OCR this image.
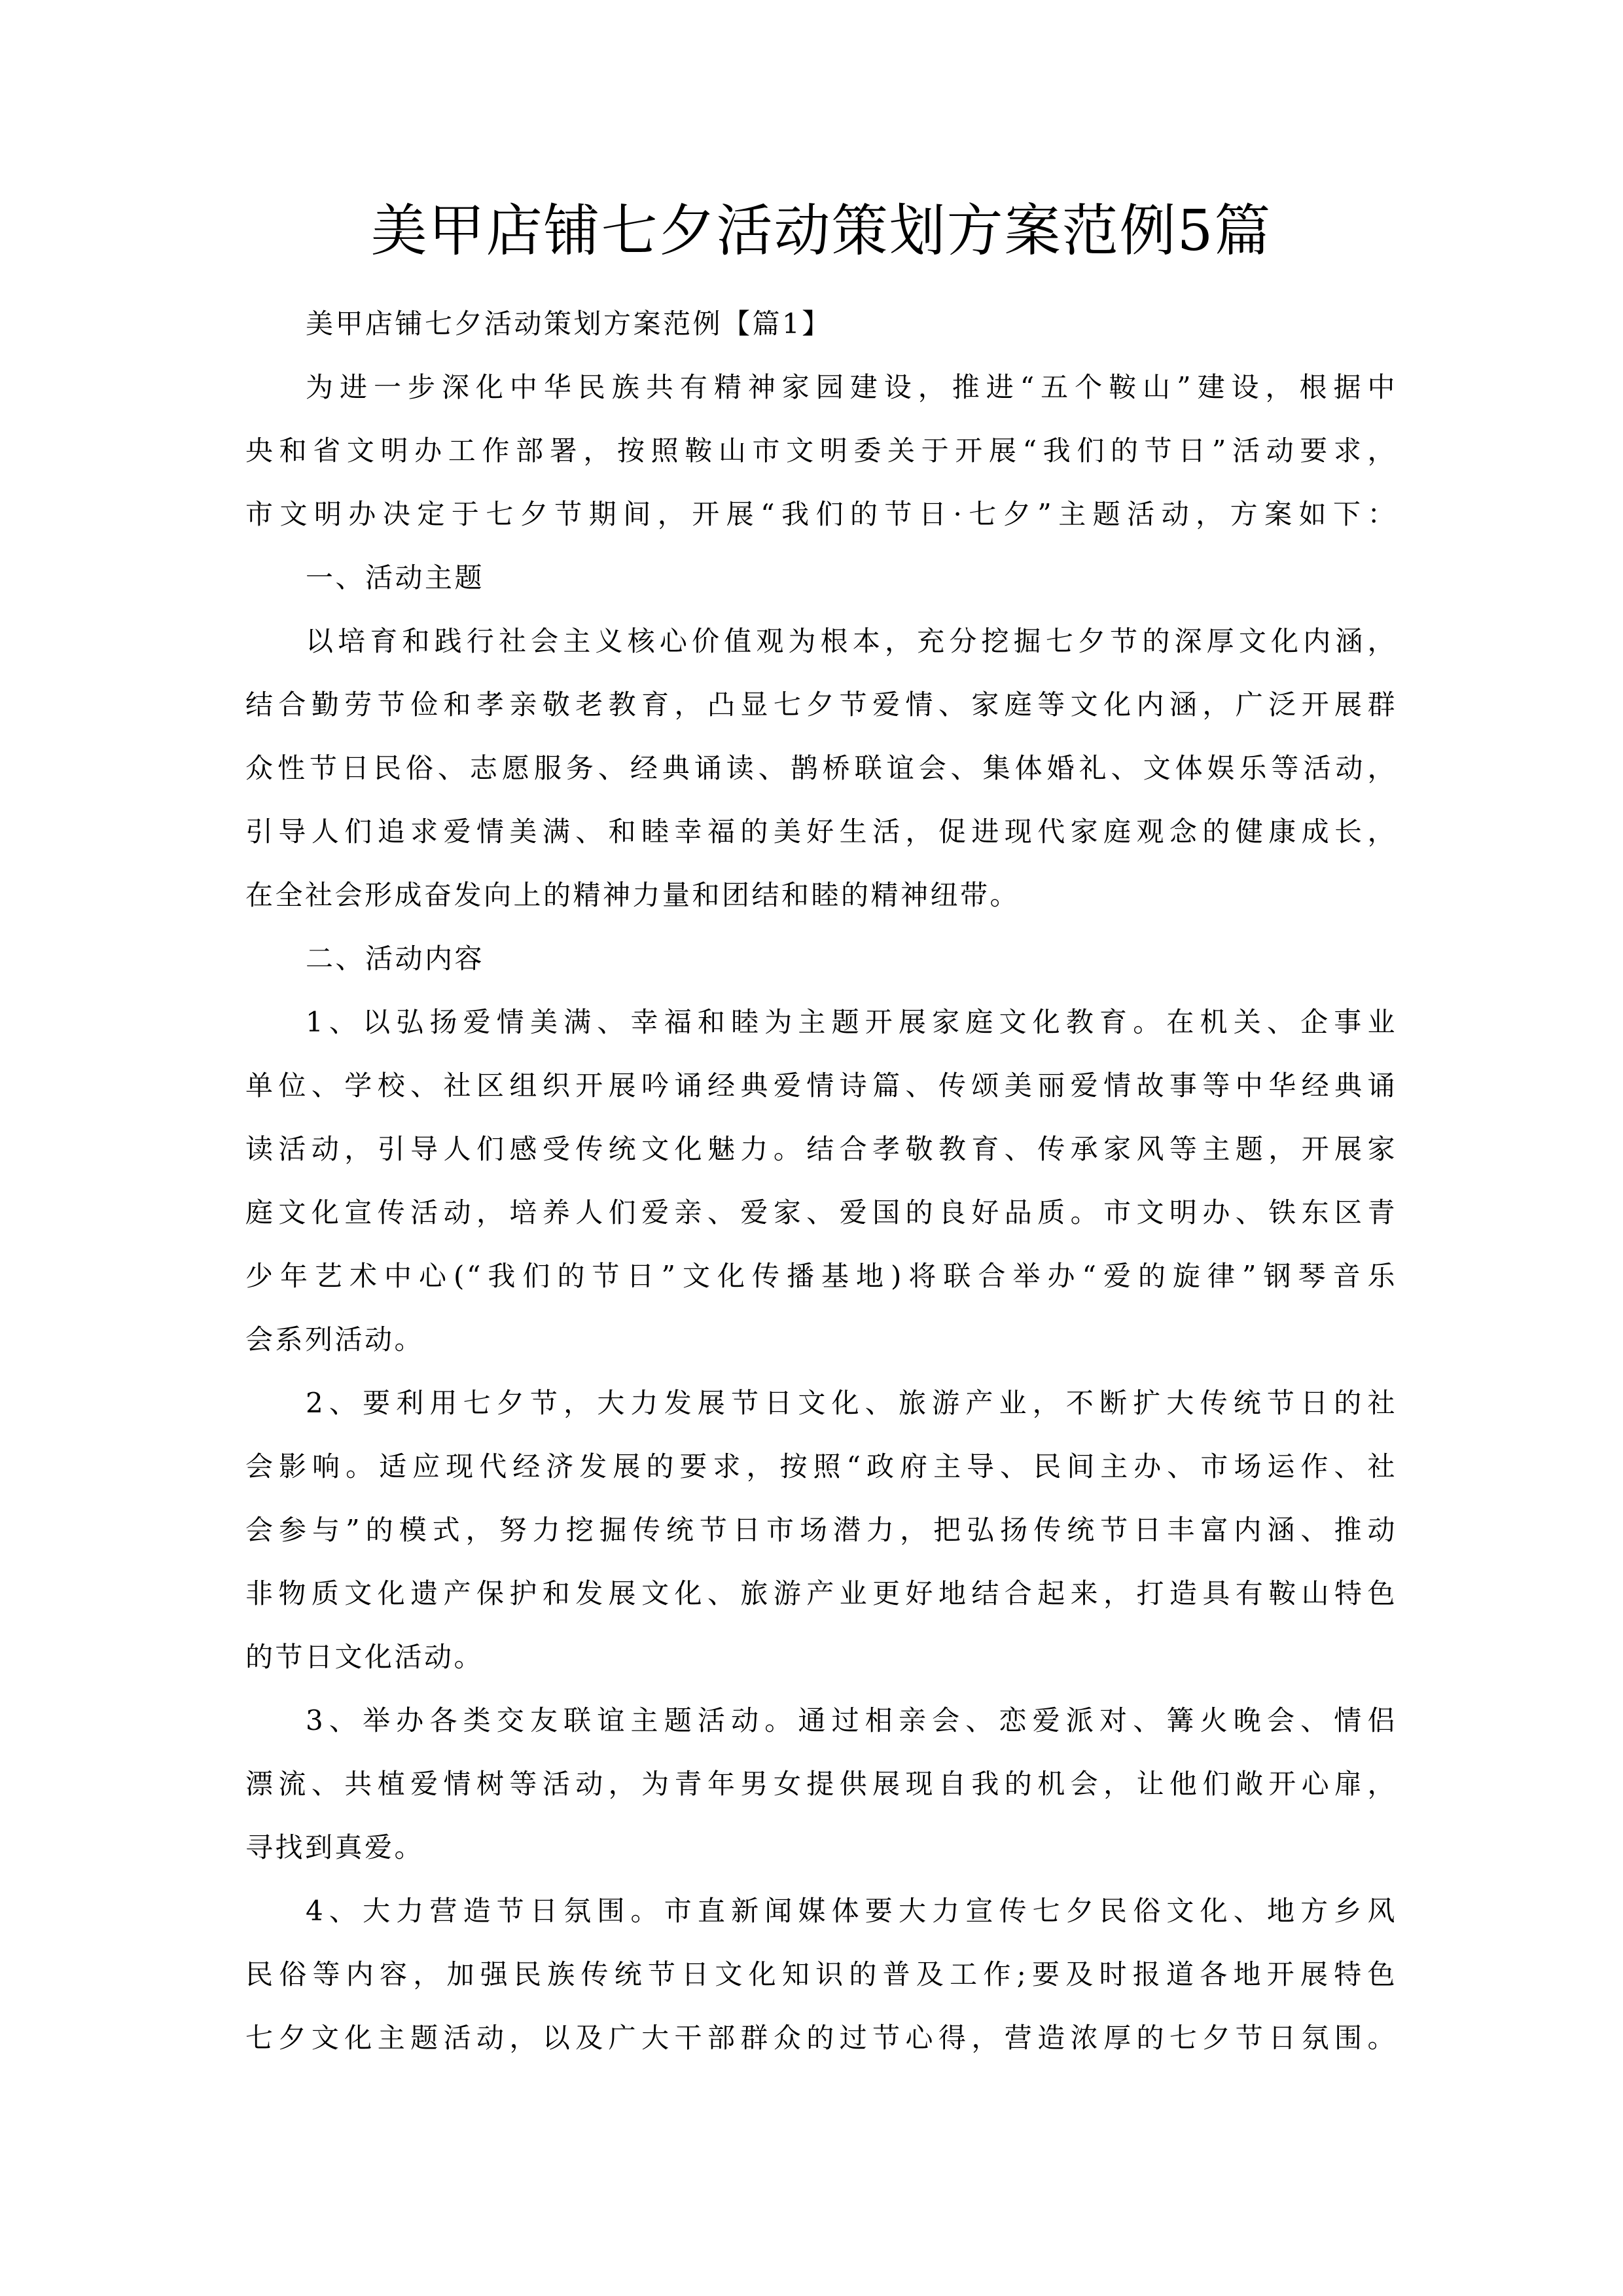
美甲店铺七夕活动策划方案范例5篇
美甲店铺七夕活动策划方案范例【篇1】
为进一步深化中华民族共有精神家园建设，推进“五个鞍山”建设，根据中
央和省文明办工作部署，按照鞍山市文明委关于开展“我们的节日”活动要求，
市文明办决定于七夕节期间，开展“我们的节日·七夕”主题活动，方案如下：
一、活动主题
以培育和践行社会主义核心价值观为根本，充分挖掘七夕节的深厚文化内涵，
结合勤劳节俭和孝亲敬老教育，凸显七夕节爱情、家庭等文化内涵，广泛开展群
众性节日民俗、志愿服务、经典诵读、鹊桥联谊会、集体婚礼、文体娱乐等活动，
引导人们追求爱情美满、和睦幸福的美好生活，促进现代家庭观念的健康成长，
在全社会形成奋发向上的精神力量和团结和睦的精神纽带。
二、活动内容
1、以弘扬爱情美满、幸福和睦为主题开展家庭文化教育。在机关、企事业
单位、学校、社区组织开展吟诵经典爱情诗篇、传颂美丽爱情故事等中华经典诵
读活动，引导人们感受传统文化魅力。结合孝敬教育、传承家风等主题，开展家
庭文化宣传活动，培养人们爱亲、爱家、爱国的良好品质。市文明办、铁东区青
少年艺术中心(“我们的节日”文化传播基地)将联合举办“爱的旋律”钢琴音乐
会系列活动。
2、要利用七夕节，大力发展节日文化、旅游产业，不断扩大传统节日的社
会影响。适应现代经济发展的要求，按照“政府主导、民间主办、市场运作、社
会参与”的模式，努力挖掘传统节日市场潜力，把弘扬传统节日丰富内涵、推动
非物质文化遗产保护和发展文化、旅游产业更好地结合起来，打造具有鞍山特色
的节日文化活动。
3、举办各类交友联谊主题活动。通过相亲会、恋爱派对、篝火晚会、情侣
漂流、共植爱情树等活动，为青年男女提供展现自我的机会，让他们敞开心扉，
寻找到真爱。
4、大力营造节日氛围。市直新闻媒体要大力宣传七夕民俗文化、地方乡风
民俗等内容，加强民族传统节日文化知识的普及工作;要及时报道各地开展特色
七夕文化主题活动，以及广大干部群众的过节心得，营造浓厚的七夕节日氛围。
